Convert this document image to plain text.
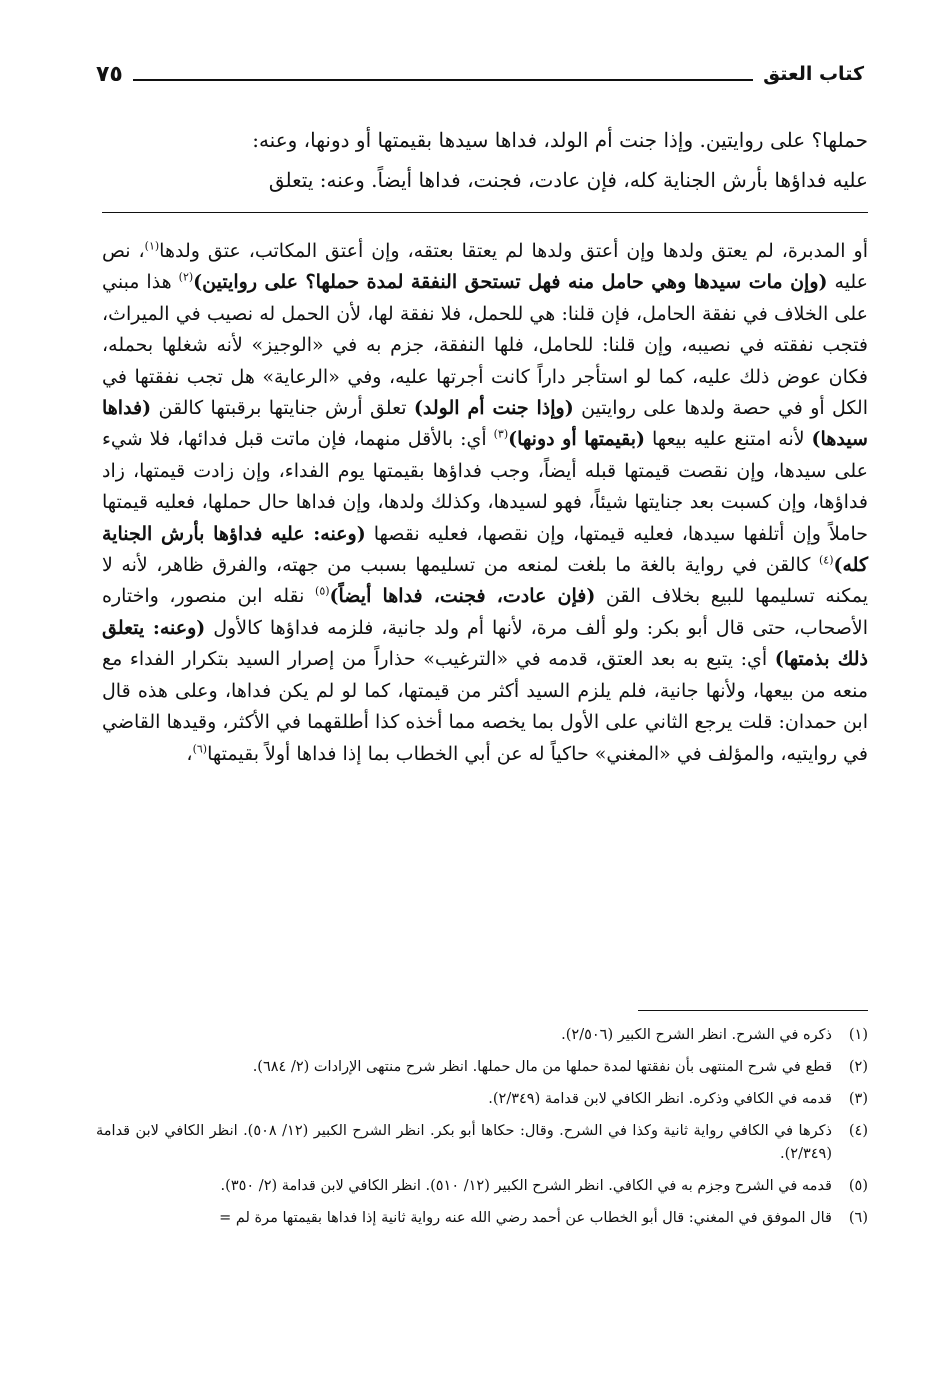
كتاب العتق
٧٥

حملها؟ على روايتين. وإذا جنت أم الولد، فداها سيدها بقيمتها أو دونها، وعنه:

عليه فداؤها بأرش الجناية كله، فإن عادت، فجنت، فداها أيضاً. وعنه: يتعلق

أو المدبرة، لم يعتق ولدها وإن أعتق ولدها لم يعتقا بعتقه، وإن أعتق المكاتب، عتق ولدها$^{(١)}$، نص عليه (وإن مات سيدها وهي حامل منه فهل تستحق النفقة لمدة حملها؟ على روايتين)$^{(٢)}$ هذا مبني على الخلاف في نفقة الحامل، فإن قلنا: هي للحمل، فلا نفقة لها، لأن الحمل له نصيب في الميراث، فتجب نفقته في نصيبه، وإن قلنا: للحامل، فلها النفقة، جزم به في «الوجيز» لأنه شغلها بحمله، فكان عوض ذلك عليه، كما لو استأجر داراً كانت أجرتها عليه، وفي «الرعاية» هل تجب نفقتها في الكل أو في حصة ولدها على روايتين (وإذا جنت أم الولد) تعلق أرش جنايتها برقبتها كالقن (فداها سيدها) لأنه امتنع عليه بيعها (بقيمتها أو دونها)$^{(٣)}$ أي: بالأقل منهما، فإن ماتت قبل فدائها، فلا شيء على سيدها، وإن نقصت قيمتها قبله أيضاً، وجب فداؤها بقيمتها يوم الفداء، وإن زادت قيمتها، زاد فداؤها، وإن كسبت بعد جنايتها شيئاً، فهو لسيدها، وكذلك ولدها، وإن فداها حال حملها، فعليه قيمتها حاملاً وإن أتلفها سيدها، فعليه قيمتها، وإن نقصها، فعليه نقصها (وعنه: عليه فداؤها بأرش الجناية كله)$^{(٤)}$ كالقن في رواية بالغة ما بلغت لمنعه من تسليمها بسبب من جهته، والفرق ظاهر، لأنه لا يمكنه تسليمها للبيع بخلاف القن (فإن عادت، فجنت، فداها أيضاً)$^{(٥)}$ نقله ابن منصور، واختاره الأصحاب، حتى قال أبو بكر: ولو ألف مرة، لأنها أم ولد جانية، فلزمه فداؤها كالأول (وعنه: يتعلق ذلك بذمتها) أي: يتبع به بعد العتق، قدمه في «الترغيب» حذاراً من إصرار السيد بتكرار الفداء مع منعه من بيعها، ولأنها جانية، فلم يلزم السيد أكثر من قيمتها، كما لو لم يكن فداها، وعلى هذه قال ابن حمدان: قلت يرجع الثاني على الأول بما يخصه مما أخذه كذا أطلقهما في الأكثر، وقيدها القاضي في روايتيه، والمؤلف في «المغني» حاكياً له عن أبي الخطاب بما إذا فداها أولاً بقيمتها$^{(٦)}$،

(١)
ذكره في الشرح. انظر الشرح الكبير (٢/٥٠٦).
(٢)
قطع في شرح المنتهى بأن نفقتها لمدة حملها من مال حملها. انظر شرح منتهى الإرادات (٢/ ٦٨٤).
(٣)
قدمه في الكافي وذكره. انظر الكافي لابن قدامة (٢/٣٤٩).
(٤)
ذكرها في الكافي رواية ثانية وكذا في الشرح. وقال: حكاها أبو بكر. انظر الشرح الكبير (١٢/ ٥٠٨). انظر الكافي لابن قدامة (٢/٣٤٩).
(٥)
قدمه في الشرح وجزم به في الكافي. انظر الشرح الكبير (١٢/ ٥١٠). انظر الكافي لابن قدامة (٢/ ٣٥٠).
(٦)
قال الموفق في المغني: قال أبو الخطاب عن أحمد رضي الله عنه رواية ثانية إذا فداها بقيمتها مرة لم =
